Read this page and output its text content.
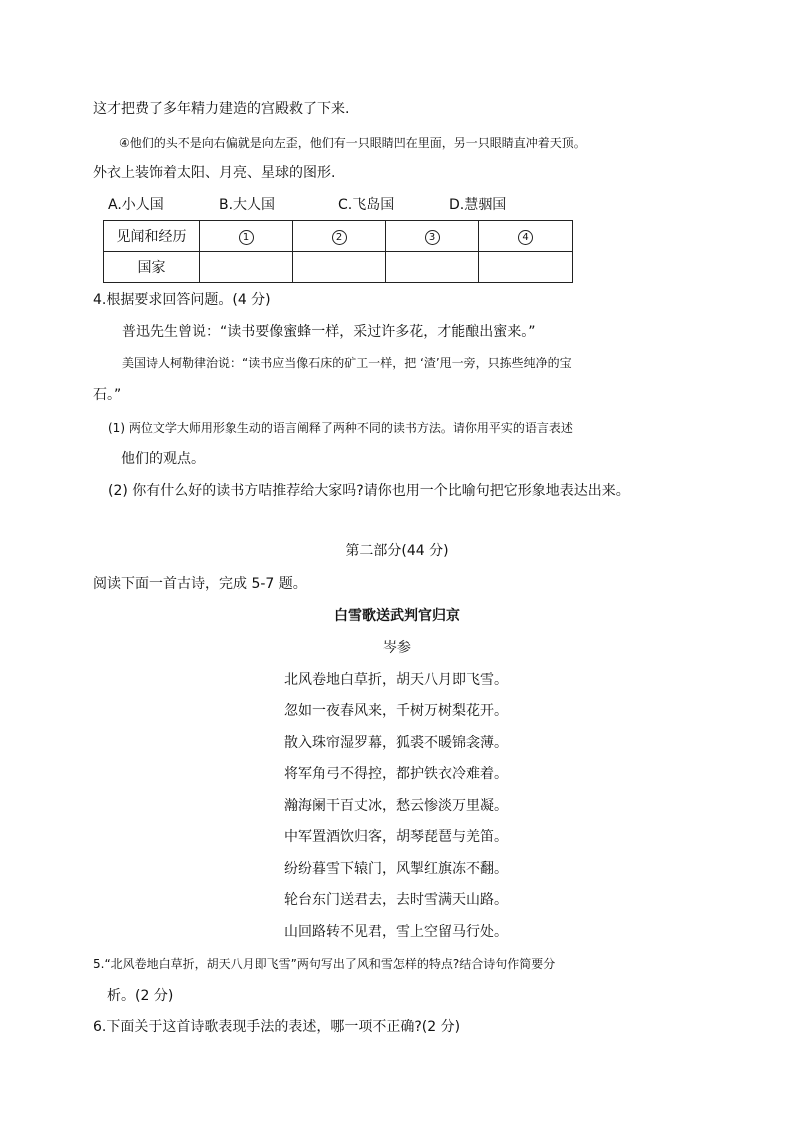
这才把费了多年精力建造的宫殿救了下来.
④他们的头不是向右偏就是向左歪，他们有一只眼睛凹在里面，另一只眼睛直冲着天顶。
外衣上装饰着太阳、月亮、星球的图形.
A.小人国	B.大人国	C.飞岛国	D.慧骃国
见闻和经历	1	2	3	4
国家				
4.根据要求回答问题。(4 分)
普迅先生曾说：“读书要像蜜蜂一样，采过许多花，才能酿出蜜来。”
美国诗人柯勒律治说：“读书应当像石床的矿工一样，把 ‘渣’甩一旁，只拣些纯净的宝
石。”
(1) 两位文学大师用形象生动的语言阐释了两种不同的读书方法。请你用平实的语言表述
他们的观点。
(2) 你有什么好的读书方咭推荐给大家吗?请你也用一个比喻句把它形象地表达出来。
第二部分(44 分)
阅读下面一首古诗，完成 5-7 题。
白雪歌送武判官归京
岑参
北风卷地白草折，胡天八月即飞雪。
忽如一夜春风来，千树万树梨花开。
散入珠帘湿罗幕，狐裘不暖锦衾薄。
将军角弓不得控，都护铁衣冷难着。
瀚海阑干百丈冰，愁云惨淡万里凝。
中军置酒饮归客，胡琴琵琶与羌笛。
纷纷暮雪下辕门，风掣红旗冻不翻。
轮台东门送君去，去时雪满天山路。
山回路转不见君，雪上空留马行处。
5.“北风卷地白草折，胡天八月即飞雪”两句写出了风和雪怎样的特点?结合诗句作简要分
析。(2 分)
6.下面关于这首诗歌表现手法的表述，哪一项不正确?(2 分)
